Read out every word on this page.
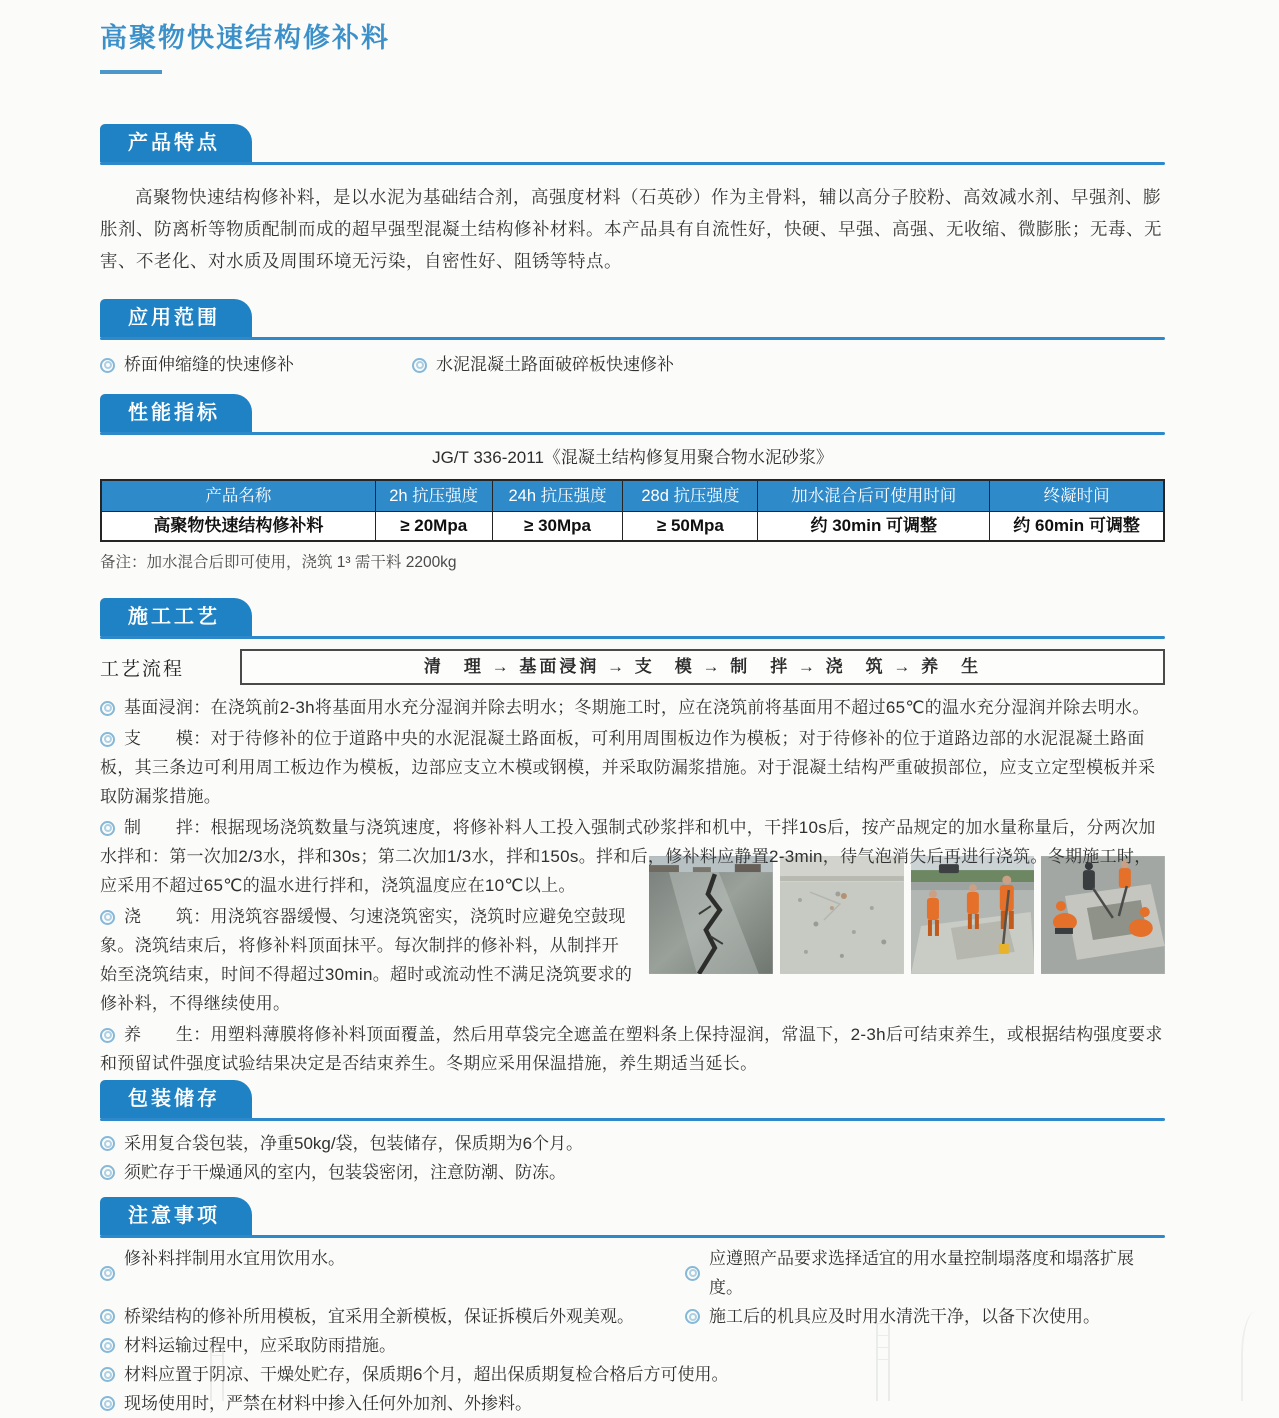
高聚物快速结构修补料
产品特点

高聚物快速结构修补料，是以水泥为基础结合剂，高强度材料（石英砂）作为主骨料，辅以高分子胶粉、高效减水剂、早强剂、膨胀剂、防离析等物质配制而成的超早强型混凝土结构修补材料。本产品具有自流性好，快硬、早强、高强、无收缩、微膨胀；无毒、无害、不老化、对水质及周围环境无污染，自密性好、阻锈等特点。

应用范围
桥面伸缩缝的快速修补	水泥混凝土路面破碎板快速修补
性能指标
JG/T 336-2011《混凝土结构修复用聚合物水泥砂浆》
产品名称	2h 抗压强度	24h 抗压强度	28d 抗压强度	加水混合后可使用时间	终凝时间
高聚物快速结构修补料	≥ 20Mpa	≥ 30Mpa	≥ 50Mpa	约 30min 可调整	约 60min 可调整
备注：加水混合后即可使用，浇筑 1³ 需干料 2200kg
施工工艺
工艺流程	清　理 → 基面浸润 → 支　模 → 制　拌 → 浇　筑 → 养　生

基面浸润：在浇筑前2-3h将基面用水充分湿润并除去明水；冬期施工时，应在浇筑前将基面用不超过65℃的温水充分湿润并除去明水。

支　　模：对于待修补的位于道路中央的水泥混凝土路面板，可利用周围板边作为模板；对于待修补的位于道路边部的水泥混凝土路面板，其三条边可利用周工板边作为模板，边部应支立木模或钢模，并采取防漏浆措施。对于混凝土结构严重破损部位，应支立定型模板并采取防漏浆措施。

制　　拌：根据现场浇筑数量与浇筑速度，将修补料人工投入强制式砂浆拌和机中，干拌10s后，按产品规定的加水量称量后，分两次加水拌和：第一次加2/3水，拌和30s；第二次加1/3水，拌和150s。拌和后，修补料应静置2-3min，待气泡消失后再进行浇筑。冬期施工时，应采用不超过65℃的温水进行拌和，浇筑温度应在10℃以上。

浇　　筑：用浇筑容器缓慢、匀速浇筑密实，浇筑时应避免空鼓现象。浇筑结束后，将修补料顶面抹平。每次制拌的修补料，从制拌开始至浇筑结束，时间不得超过30min。超时或流动性不满足浇筑要求的修补料，不得继续使用。

养　　生：用塑料薄膜将修补料顶面覆盖，然后用草袋完全遮盖在塑料条上保持湿润，常温下，2-3h后可结束养生，或根据结构强度要求和预留试件强度试验结果决定是否结束养生。冬期应采用保温措施，养生期适当延长。

包装储存
采用复合袋包装，净重50kg/袋，包装储存，保质期为6个月。
须贮存于干燥通风的室内，包装袋密闭，注意防潮、防冻。
注意事项
修补料拌制用水宜用饮用水。	应遵照产品要求选择适宜的用水量控制塌落度和塌落扩展度。
桥梁结构的修补所用模板，宜采用全新模板，保证拆模后外观美观。	施工后的机具应及时用水清洗干净，以备下次使用。
材料运输过程中，应采取防雨措施。
材料应置于阴凉、干燥处贮存，保质期6个月，超出保质期复检合格后方可使用。
现场使用时，严禁在材料中掺入任何外加剂、外掺料。
